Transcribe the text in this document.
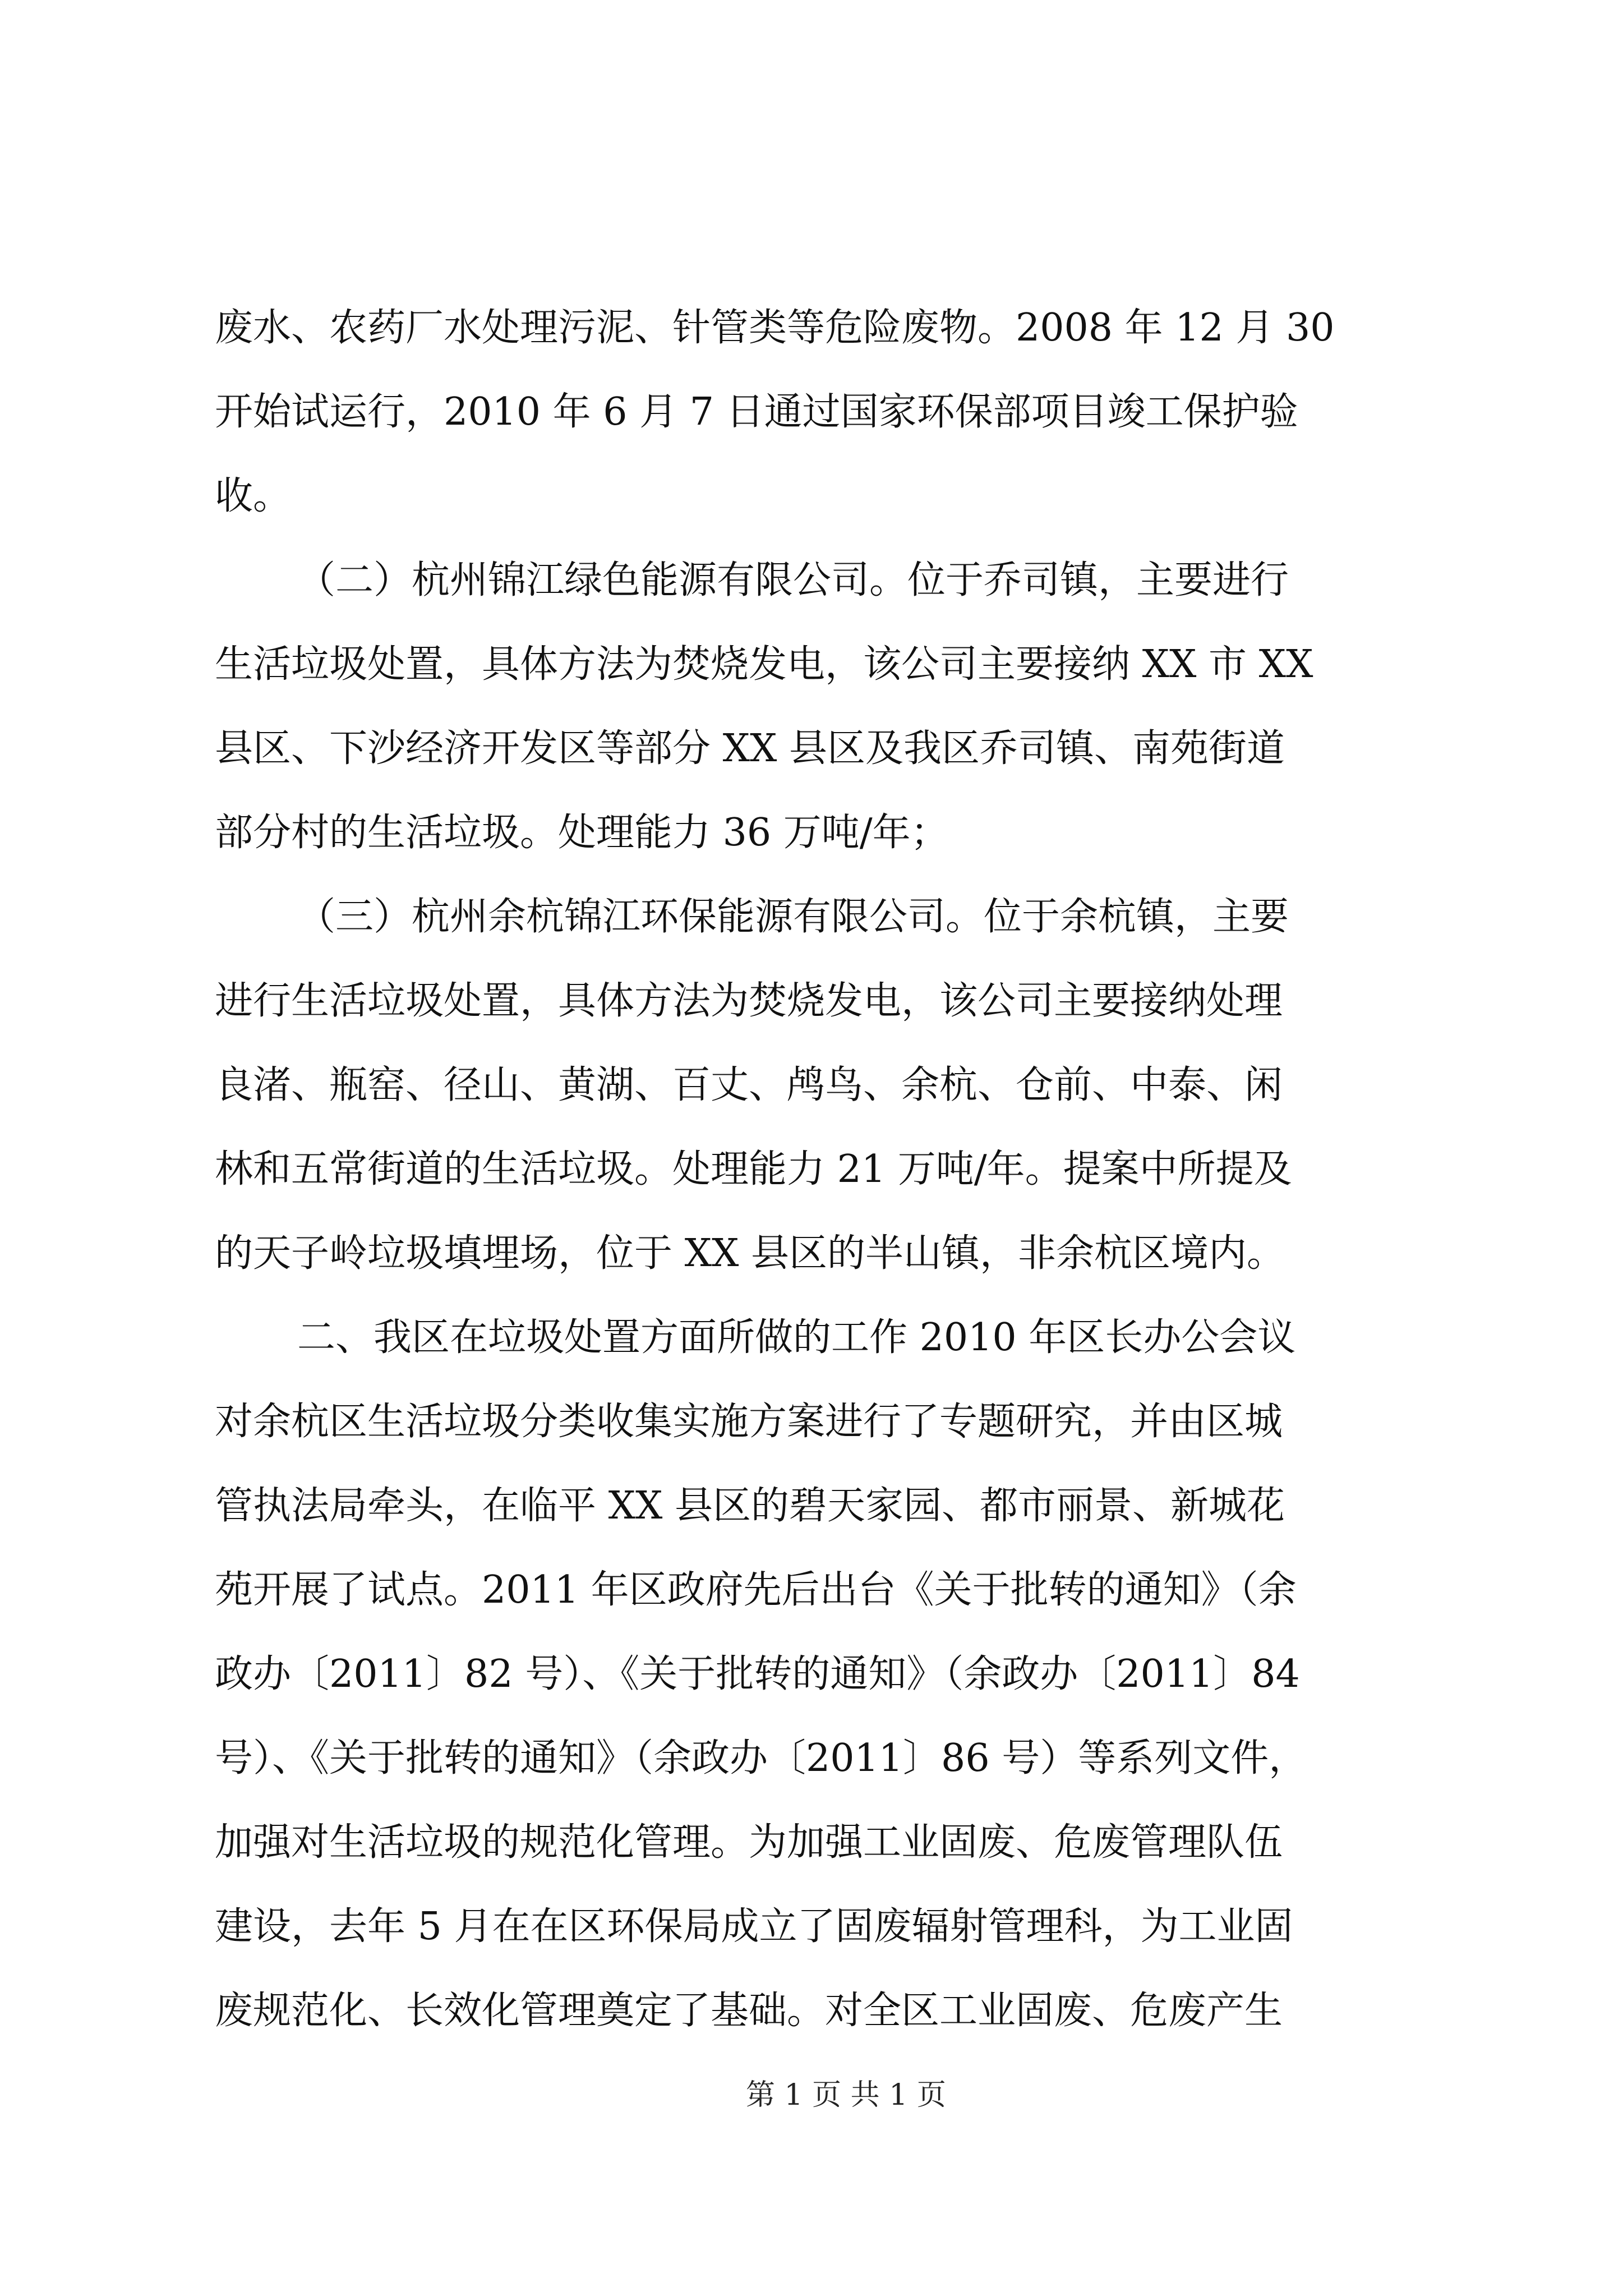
废水、农药厂水处理污泥、针管类等危险废物。2008 年 12 月 30

开始试运行，2010 年 6 月 7 日通过国家环保部项目竣工保护验

收。

（二）杭州锦江绿色能源有限公司。位于乔司镇，主要进行

生活垃圾处置，具体方法为焚烧发电，该公司主要接纳 XX 市 XX

县区、下沙经济开发区等部分 XX 县区及我区乔司镇、南苑街道

部分村的生活垃圾。处理能力 36 万吨/年；

（三）杭州余杭锦江环保能源有限公司。位于余杭镇，主要

进行生活垃圾处置，具体方法为焚烧发电，该公司主要接纳处理

良渚、瓶窑、径山、黄湖、百丈、鸬鸟、余杭、仓前、中泰、闲

林和五常街道的生活垃圾。处理能力 21 万吨/年。提案中所提及

的天子岭垃圾填埋场，位于 XX 县区的半山镇，非余杭区境内。

二、我区在垃圾处置方面所做的工作 2010 年区长办公会议

对余杭区生活垃圾分类收集实施方案进行了专题研究，并由区城

管执法局牵头，在临平 XX 县区的碧天家园、都市丽景、新城花

苑开展了试点。2011 年区政府先后出台《关于批转的通知》（余

政办〔2011〕82 号）、《关于批转的通知》（余政办〔2011〕84

号）、《关于批转的通知》（余政办〔2011〕86 号）等系列文件，

加强对生活垃圾的规范化管理。为加强工业固废、危废管理队伍

建设，去年 5 月在在区环保局成立了固废辐射管理科，为工业固

废规范化、长效化管理奠定了基础。对全区工业固废、危废产生

第 1 页 共 1 页
